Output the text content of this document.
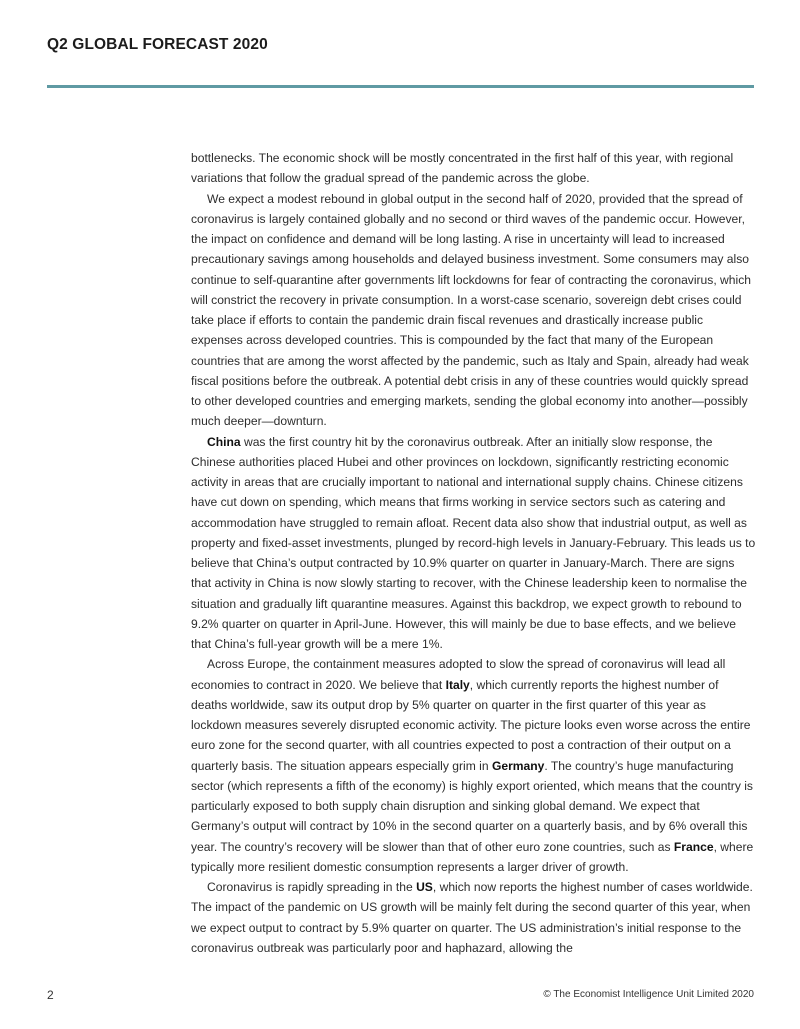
Q2 GLOBAL FORECAST 2020

bottlenecks. The economic shock will be mostly concentrated in the first half of this year, with regional variations that follow the gradual spread of the pandemic across the globe.

We expect a modest rebound in global output in the second half of 2020, provided that the spread of coronavirus is largely contained globally and no second or third waves of the pandemic occur. However, the impact on confidence and demand will be long lasting. A rise in uncertainty will lead to increased precautionary savings among households and delayed business investment. Some consumers may also continue to self-quarantine after governments lift lockdowns for fear of contracting the coronavirus, which will constrict the recovery in private consumption. In a worst-case scenario, sovereign debt crises could take place if efforts to contain the pandemic drain fiscal revenues and drastically increase public expenses across developed countries. This is compounded by the fact that many of the European countries that are among the worst affected by the pandemic, such as Italy and Spain, already had weak fiscal positions before the outbreak. A potential debt crisis in any of these countries would quickly spread to other developed countries and emerging markets, sending the global economy into another—possibly much deeper—downturn.

China was the first country hit by the coronavirus outbreak. After an initially slow response, the Chinese authorities placed Hubei and other provinces on lockdown, significantly restricting economic activity in areas that are crucially important to national and international supply chains. Chinese citizens have cut down on spending, which means that firms working in service sectors such as catering and accommodation have struggled to remain afloat. Recent data also show that industrial output, as well as property and fixed-asset investments, plunged by record-high levels in January-February. This leads us to believe that China’s output contracted by 10.9% quarter on quarter in January-March. There are signs that activity in China is now slowly starting to recover, with the Chinese leadership keen to normalise the situation and gradually lift quarantine measures. Against this backdrop, we expect growth to rebound to 9.2% quarter on quarter in April-June. However, this will mainly be due to base effects, and we believe that China’s full-year growth will be a mere 1%.

Across Europe, the containment measures adopted to slow the spread of coronavirus will lead all economies to contract in 2020. We believe that Italy, which currently reports the highest number of deaths worldwide, saw its output drop by 5% quarter on quarter in the first quarter of this year as lockdown measures severely disrupted economic activity. The picture looks even worse across the entire euro zone for the second quarter, with all countries expected to post a contraction of their output on a quarterly basis. The situation appears especially grim in Germany. The country’s huge manufacturing sector (which represents a fifth of the economy) is highly export oriented, which means that the country is particularly exposed to both supply chain disruption and sinking global demand. We expect that Germany’s output will contract by 10% in the second quarter on a quarterly basis, and by 6% overall this year. The country’s recovery will be slower than that of other euro zone countries, such as France, where typically more resilient domestic consumption represents a larger driver of growth.

Coronavirus is rapidly spreading in the US, which now reports the highest number of cases worldwide. The impact of the pandemic on US growth will be mainly felt during the second quarter of this year, when we expect output to contract by 5.9% quarter on quarter. The US administration’s initial response to the coronavirus outbreak was particularly poor and haphazard, allowing the

2	© The Economist Intelligence Unit Limited 2020
